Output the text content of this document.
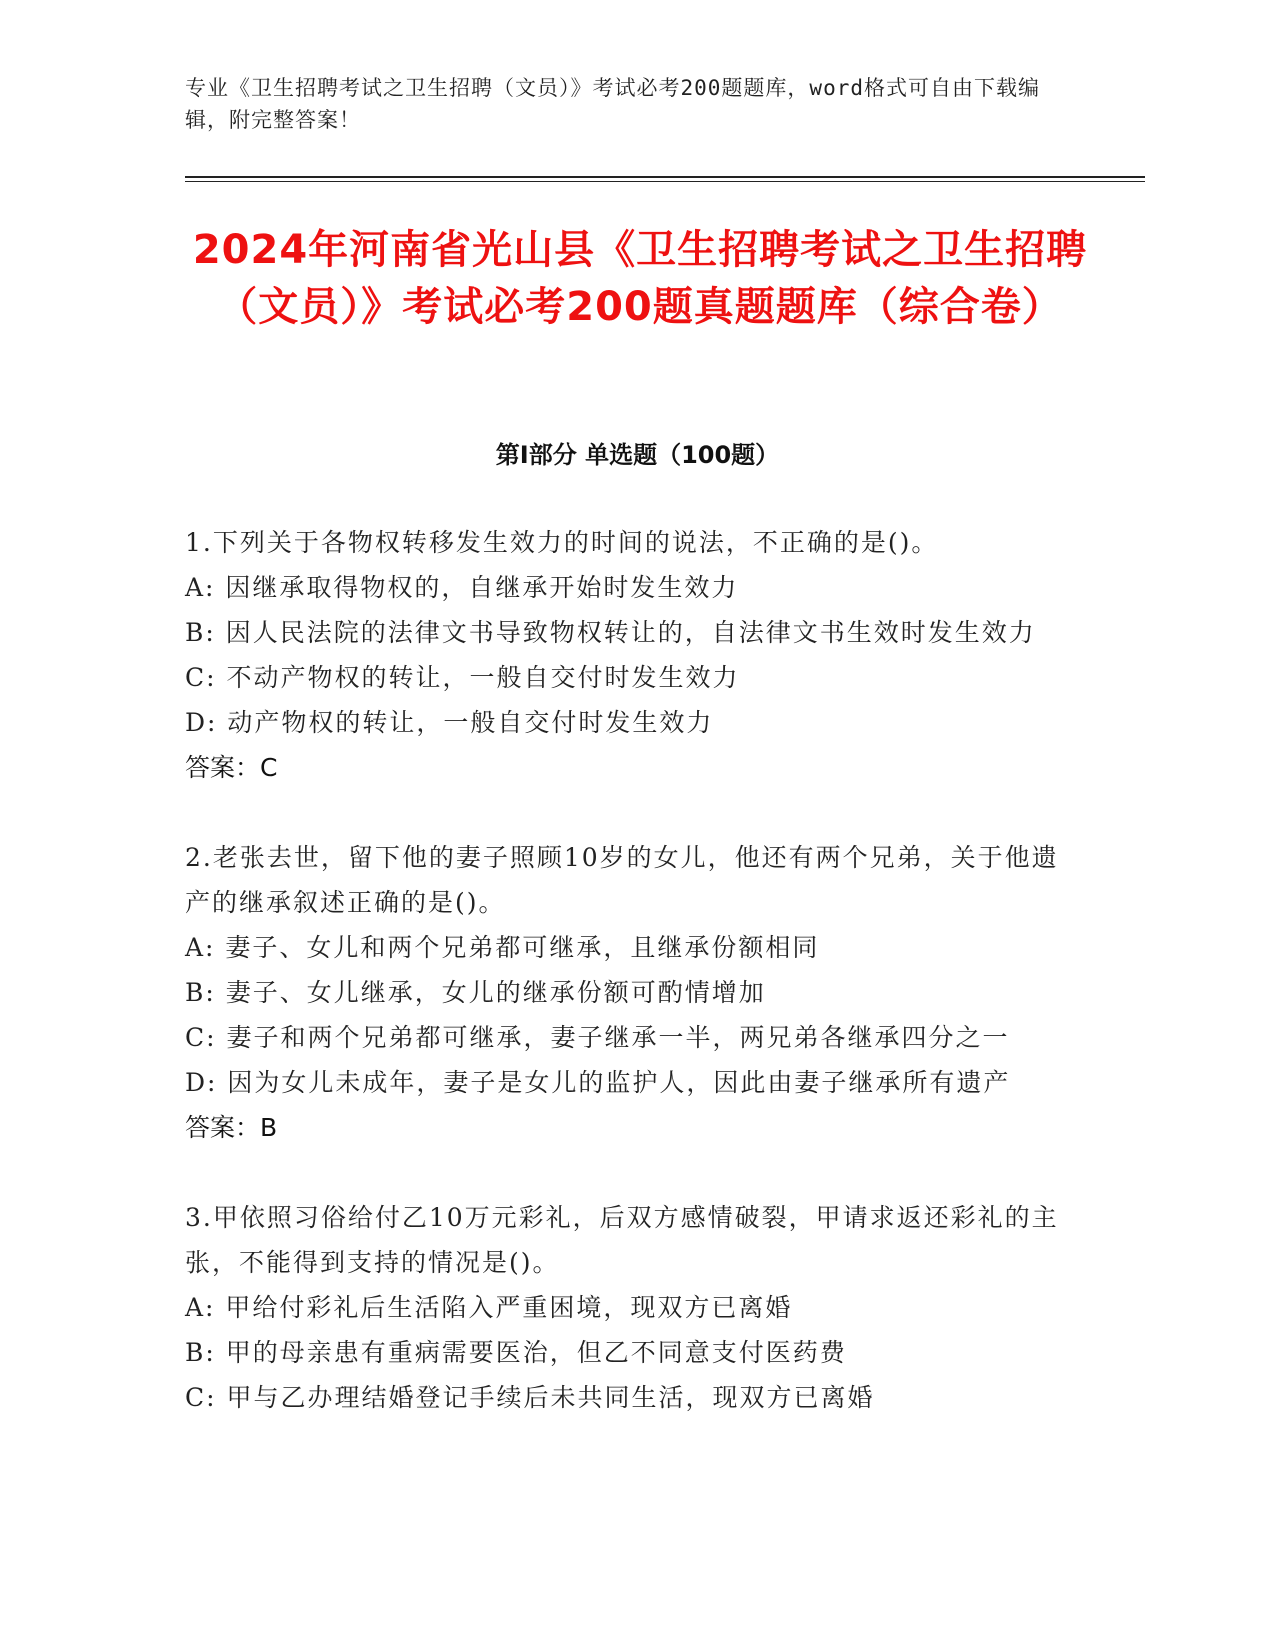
专业《卫生招聘考试之卫生招聘（文员）》考试必考200题题库，word格式可自由下载编辑，附完整答案！
2024年河南省光山县《卫生招聘考试之卫生招聘（文员）》考试必考200题真题题库（综合卷）
第I部分 单选题（100题）

1.下列关于各物权转移发生效力的时间的说法，不正确的是()。

A: 因继承取得物权的，自继承开始时发生效力

B: 因人民法院的法律文书导致物权转让的，自法律文书生效时发生效力

C: 不动产物权的转让，一般自交付时发生效力

D: 动产物权的转让，一般自交付时发生效力

答案：C

2.老张去世，留下他的妻子照顾10岁的女儿，他还有两个兄弟，关于他遗产的继承叙述正确的是()。

A: 妻子、女儿和两个兄弟都可继承，且继承份额相同

B: 妻子、女儿继承，女儿的继承份额可酌情增加

C: 妻子和两个兄弟都可继承，妻子继承一半，两兄弟各继承四分之一

D: 因为女儿未成年，妻子是女儿的监护人，因此由妻子继承所有遗产

答案：B

3.甲依照习俗给付乙10万元彩礼，后双方感情破裂，甲请求返还彩礼的主张，不能得到支持的情况是()。

A: 甲给付彩礼后生活陷入严重困境，现双方已离婚

B: 甲的母亲患有重病需要医治，但乙不同意支付医药费

C: 甲与乙办理结婚登记手续后未共同生活，现双方已离婚
